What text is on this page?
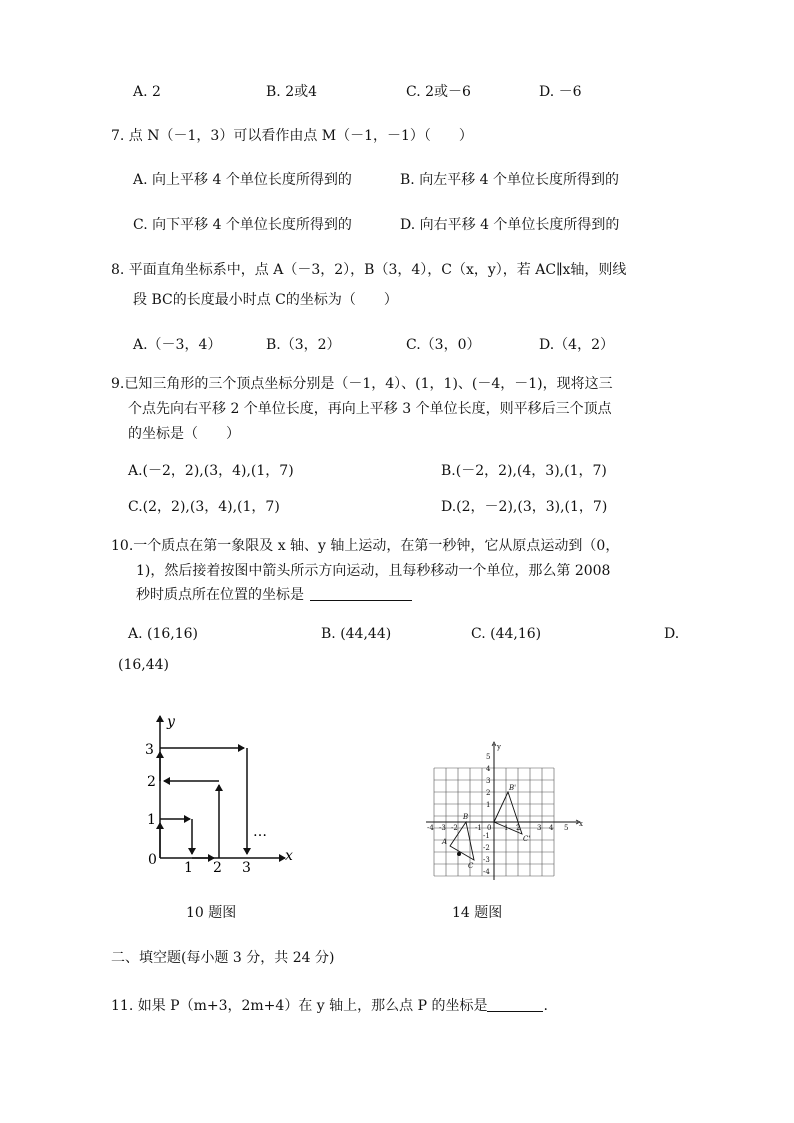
A. 2	B. 2或4	C. 2或－6	D. －6
7. 点 N（－1，3）可以看作由点 M（－1，－1）（　　）
A. 向上平移 4 个单位长度所得到的	B. 向左平移 4 个单位长度所得到的
C. 向下平移 4 个单位长度所得到的	D. 向右平移 4 个单位长度所得到的
8. 平面直角坐标系中，点 A（－3，2），B（3，4），C（x，y），若 AC∥x轴，则线
段 BC的长度最小时点 C的坐标为（　　）
A.（－3，4）	B.（3，2）	C.（3，0）	D.（4，2）
9.已知三角形的三个顶点坐标分别是（－1，4）、(1，1)、(－4，－1)，现将这三
个点先向右平移 2 个单位长度，再向上平移 3 个单位长度，则平移后三个顶点
的坐标是（　　）
A.(－2，2),(3，4),(1，7)	B.(－2，2),(4，3),(1，7)
C.(2，2),(3，4),(1，7)	D.(2，－2),(3，3),(1，7)
10.一个质点在第一象限及 x 轴、y 轴上运动，在第一秒钟，它从原点运动到（0，
1)，然后接着按图中箭头所示方向运动，且每秒移动一个单位，那么第 2008
秒时质点所在位置的坐标是
A. (16,16)	B. (44,44)	C. (44,16)	D.
(16,44)
y
x
0 1 2 3
1
2
3
…	x
y
-4 -3 -2 -1 0 1 2 3 4 5
5
4
3
2
1
-1
-2
-3
-4
A
B
C
B'
C'
10 题图	14 题图
二、填空题(每小题 3 分，共 24 分)
11. 如果 P（m+3，2m+4）在 y 轴上，那么点 P 的坐标是	.
